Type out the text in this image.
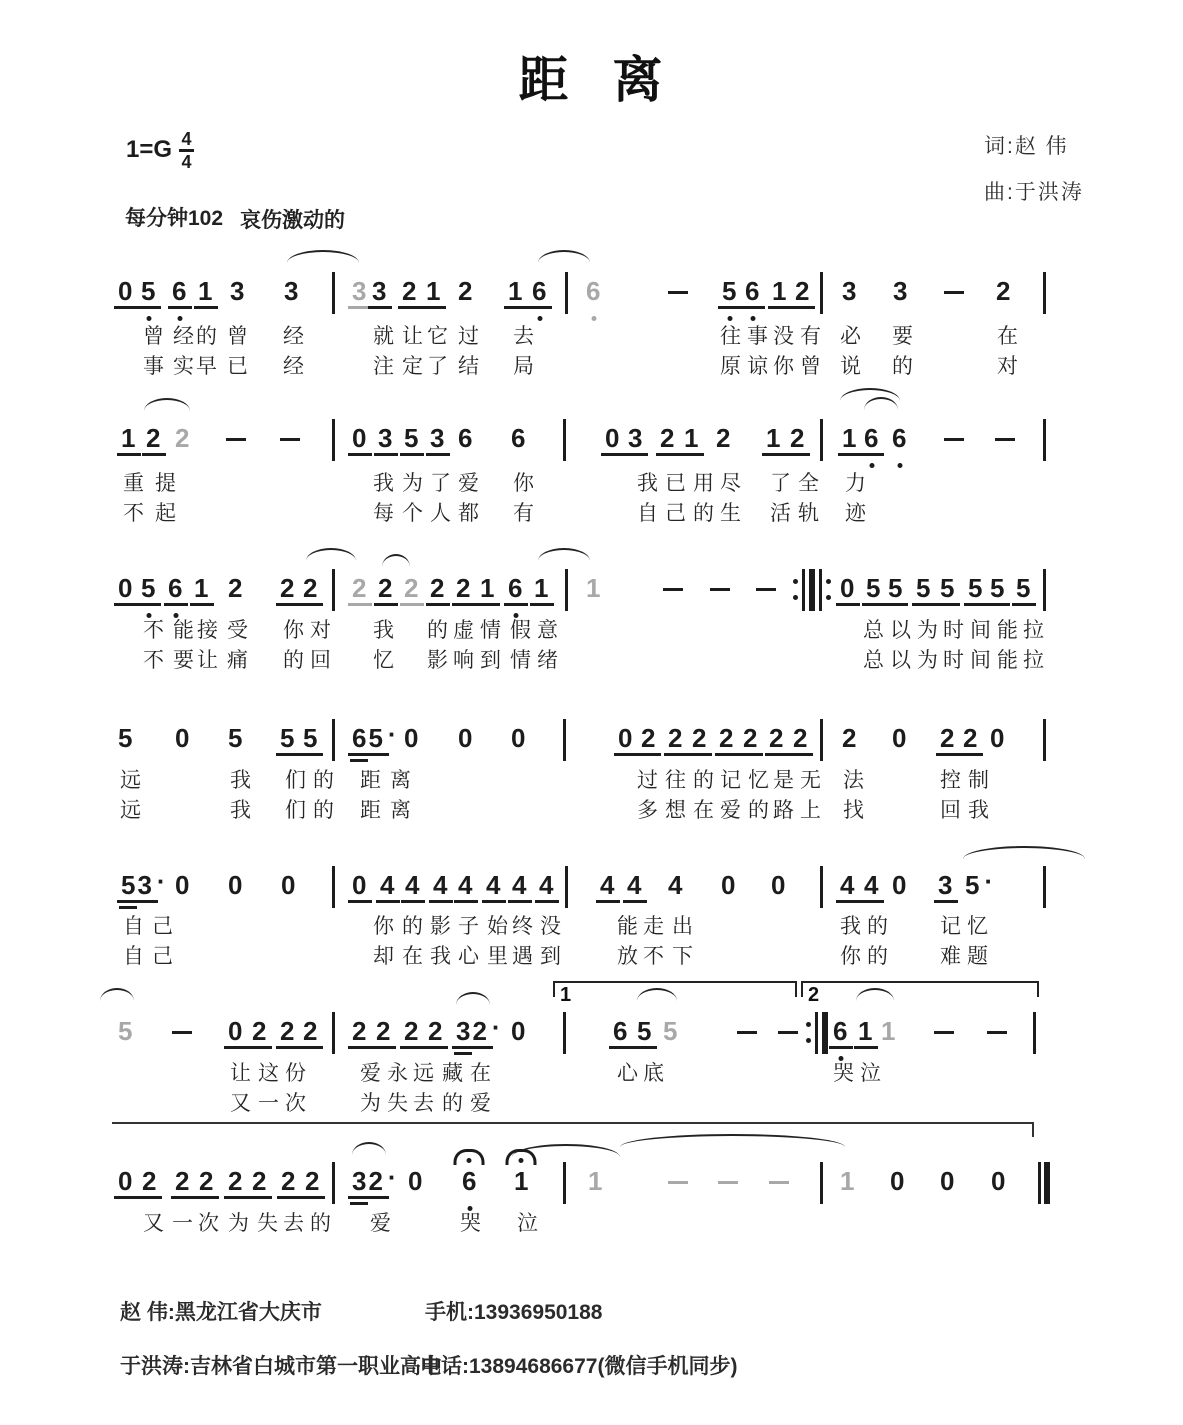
距 离
$1=G \frac{4}{4}$	词:赵 伟
曲:于洪涛
每分钟102 哀伤激动的
赵 伟:黑龙江省大庆市	手机:13936950188
于洪涛:吉林省白城市第一职业高中
电话:13894686677(微信手机同步)
0 5 6 1 3 3 3 3 2 1 2 1 6 6	5 6 1 2 3 3	2
曾 经 的 曾 经	就 让 它 过 去	往 事 没 有 必 要	在
事 实 早 已 经	注 定 了 结 局	原 谅 你 曾 说 的	对
1 2 2	0 3 5 3 6 6	0 3 2 1 2 1 2 1 6 6
重 提	我 为 了 爱 你	我 已 用 尽 了 全 力
不 起	每 个 人 都 有	自 己 的 生 活 轨 迹
0 5 6 1 2 2 2 2 2 2 2 2 1 6 1 1	0 5 5 5 5 5 5 5
不 能 接 受 你 对 我 的 虚 情 假 意	总 以 为 时 间 能 拉
不 要 让 痛 的 回 忆 影 响 到 情 绪	总 以 为 时 间 能 拉
5 0 5 5 5 65 · 0 0 0	0 2 2 2 2 2 2 2 2 0 2 2 0
远	我 们 的 距 离	过 往 的 记 忆 是 无 法	控 制
远	我 们 的 距 离	多 想 在 爱 的 路 上 找	回 我
53 · 0 0 0 0 4 4 4 4 4 4 4 4 4 4 0 0 4 4 0 3 5 ·
自 己	你 的 影 子 始 终 没	能 走 出	我 的 记 忆
自 己	却 在 我 心 里 遇 到	放 不 下	你 的 难 题
5	0 2 2 2 2 2 2 2 32 · 0	6 5 5	6 1 1
1	2
让 这 份	爱 永 远 藏 在	心 底	哭 泣
又 一 次	为 失 去 的 爱
0 2 2 2 2 2 2 2 32 · 0 6 1 1	1 0 0 0
又 一 次 为 失 去 的 爱	哭 泣
